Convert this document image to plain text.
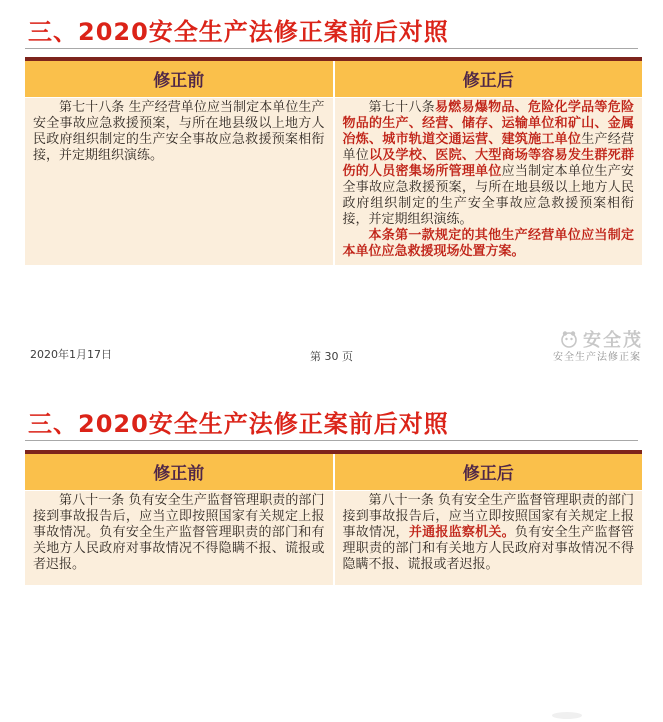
三、2020安全生产法修正案前后对照
修正前	修正后

第七十八条 生产经营单位应当制定本单位生产安全事故应急救援预案，与所在地县级以上地方人民政府组织制定的生产安全事故应急救援预案相衔接，并定期组织演练。	第七十八条易燃易爆物品、危险化学品等危险物品的生产、经营、储存、运输单位和矿山、金属冶炼、城市轨道交通运营、建筑施工单位生产经营单位以及学校、医院、大型商场等容易发生群死群伤的人员密集场所管理单位应当制定本单位生产安全事故应急救援预案，与所在地县级以上地方人民政府组织制定的生产安全事故应急救援预案相衔接，并定期组织演练。

本条第一款规定的其他生产经营单位应当制定本单位应急救援现场处置方案。

2020年1月17日	第 30 页
安全茂
安全生产法修正案
三、2020安全生产法修正案前后对照
修正前	修正后

第八十一条 负有安全生产监督管理职责的部门接到事故报告后，应当立即按照国家有关规定上报事故情况。负有安全生产监督管理职责的部门和有关地方人民政府对事故情况不得隐瞒不报、谎报或者迟报。	第八十一条 负有安全生产监督管理职责的部门接到事故报告后，应当立即按照国家有关规定上报事故情况，并通报监察机关。负有安全生产监督管理职责的部门和有关地方人民政府对事故情况不得隐瞒不报、谎报或者迟报。
